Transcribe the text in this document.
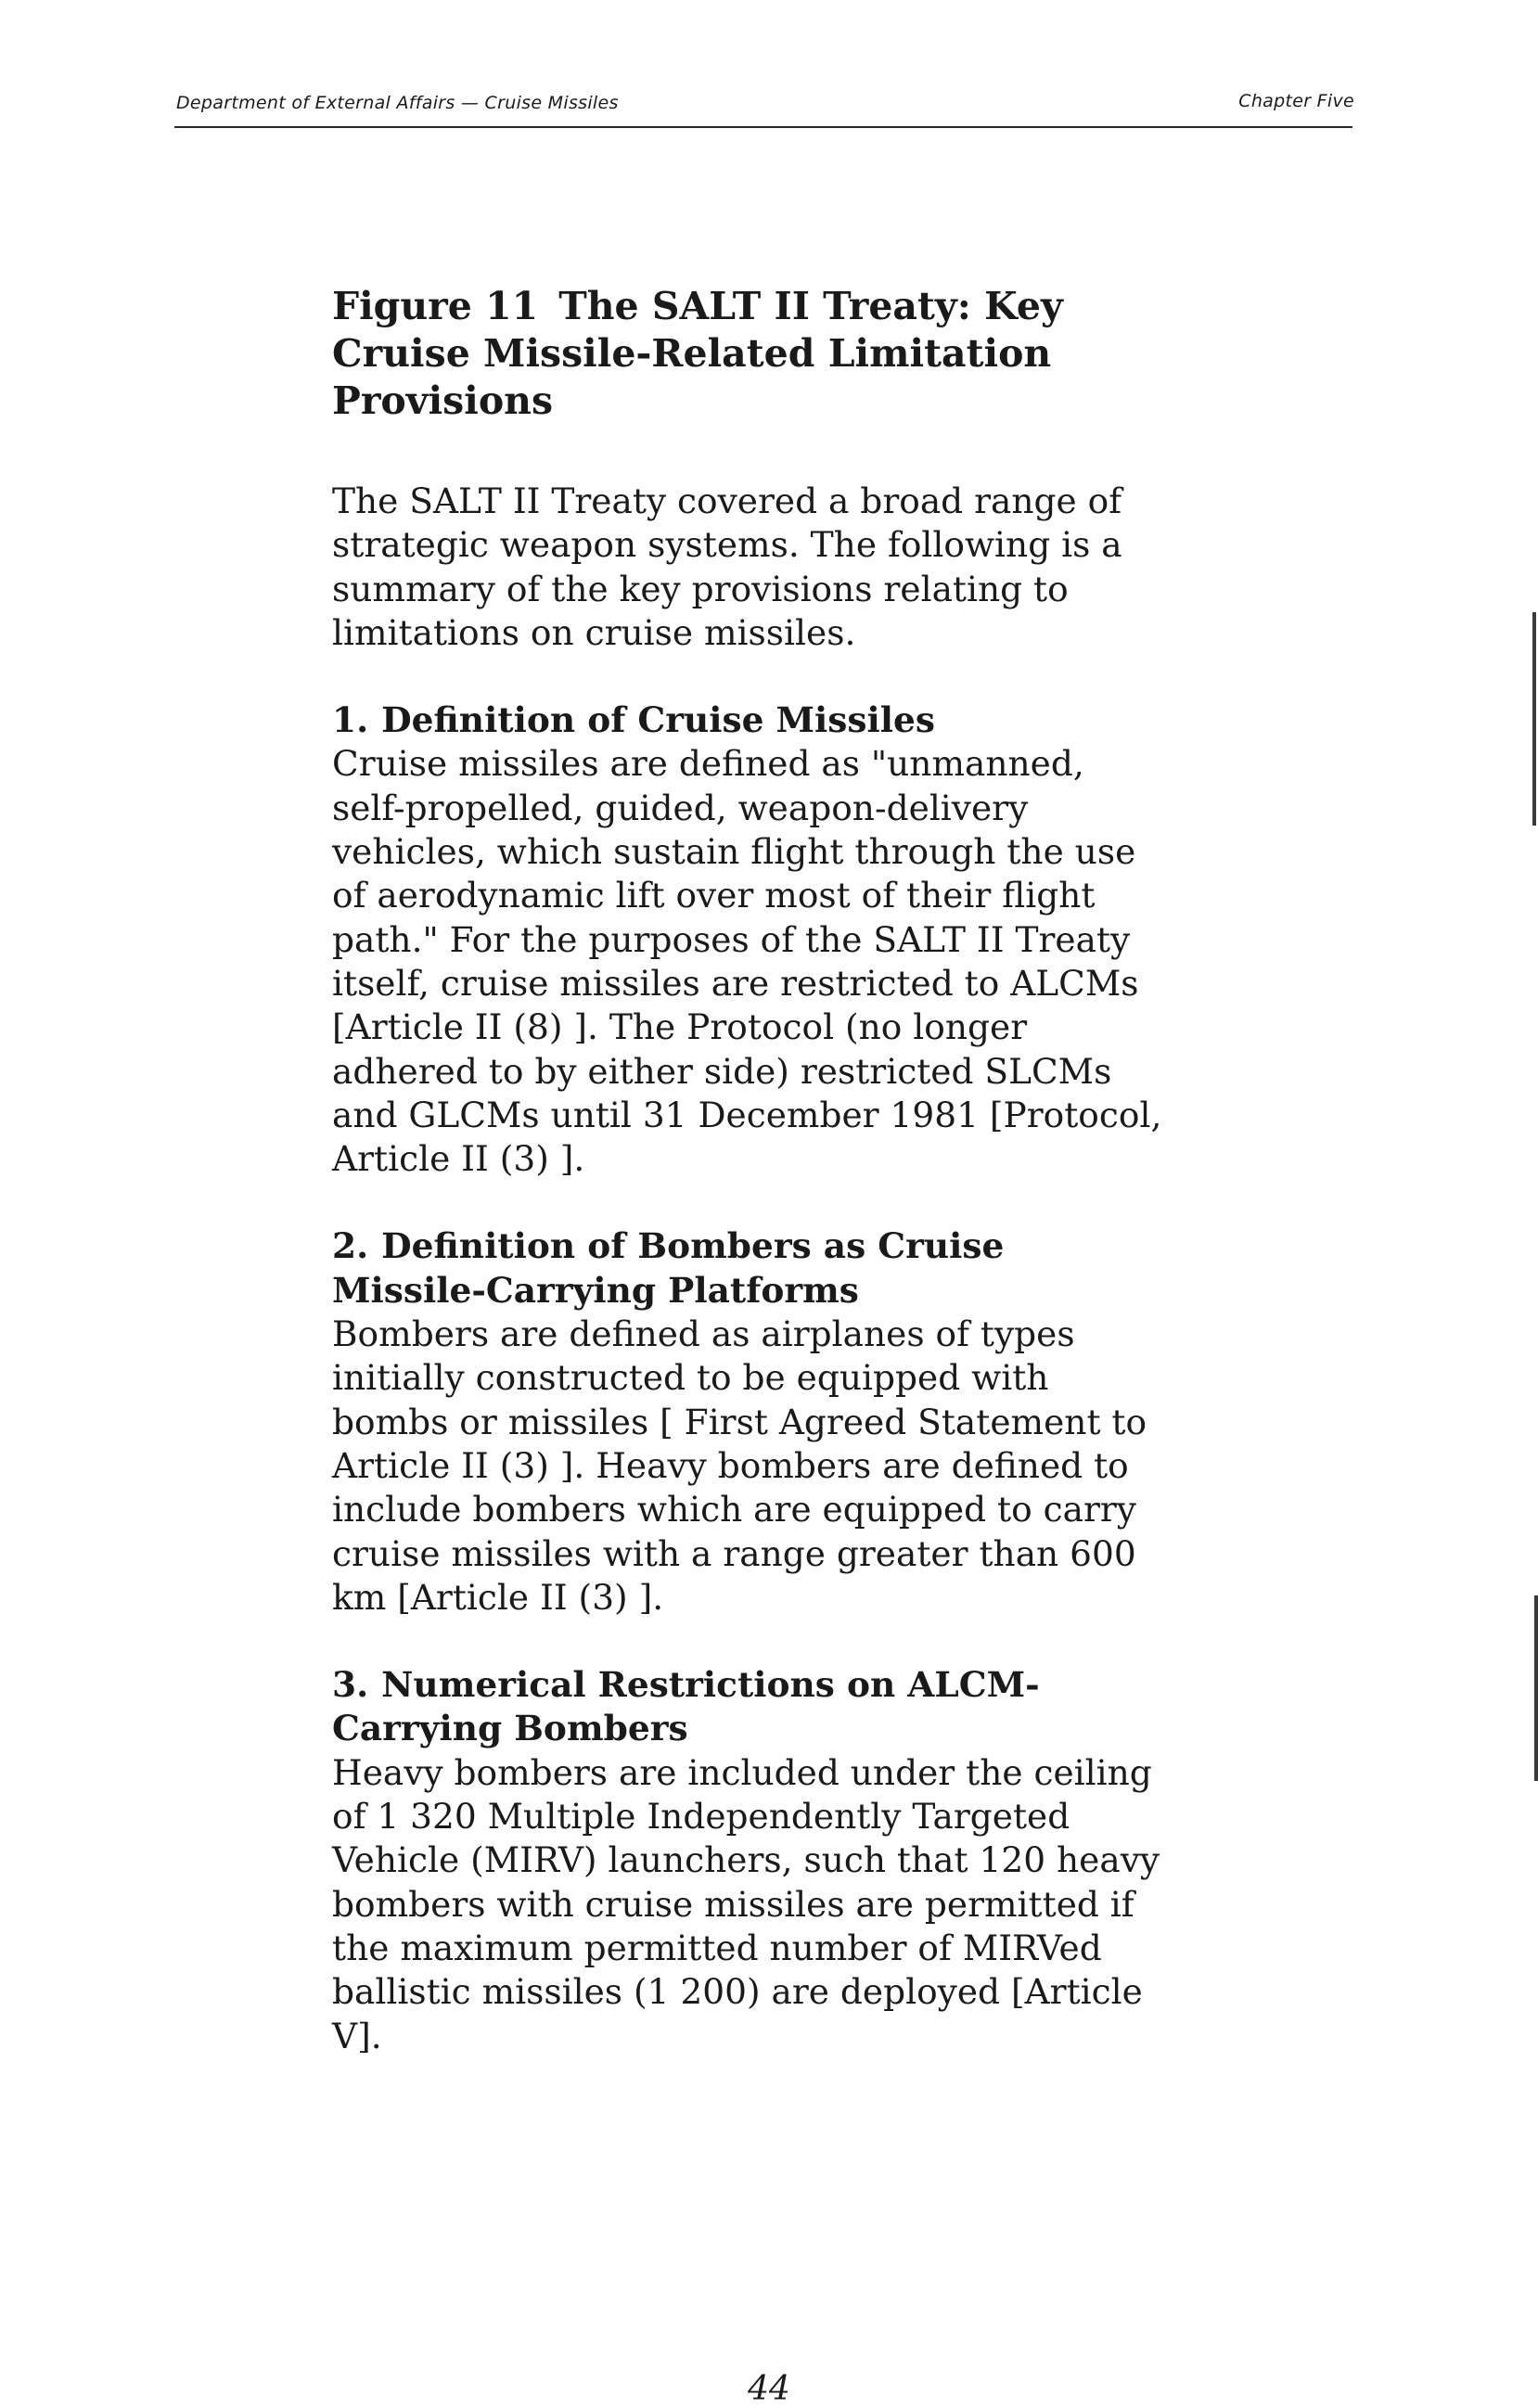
Department of External Affairs — Cruise Missiles	Chapter Five
Figure 11 The SALT II Treaty: Key Cruise Missile-Related Limitation Provisions

The SALT II Treaty covered a broad range of strategic weapon systems. The following is a summary of the key provisions relating to limitations on cruise missiles.

1. Definition of Cruise Missiles

Cruise missiles are defined as "unmanned, self-propelled, guided, weapon-delivery vehicles, which sustain flight through the use of aerodynamic lift over most of their flight path." For the purposes of the SALT II Treaty itself, cruise missiles are restricted to ALCMs [Article II (8) ]. The Protocol (no longer adhered to by either side) restricted SLCMs and GLCMs until 31 December 1981 [Protocol, Article II (3) ].

2. Definition of Bombers as Cruise Missile-Carrying Platforms

Bombers are defined as airplanes of types initially constructed to be equipped with bombs or missiles [ First Agreed Statement to Article II (3) ]. Heavy bombers are defined to include bombers which are equipped to carry cruise missiles with a range greater than 600 km [Article II (3) ].

3. Numerical Restrictions on ALCM-Carrying Bombers

Heavy bombers are included under the ceiling of 1 320 Multiple Independently Targeted Vehicle (MIRV) launchers, such that 120 heavy bombers with cruise missiles are permitted if the maximum permitted number of MIRVed ballistic missiles (1 200) are deployed [Article V].

44
